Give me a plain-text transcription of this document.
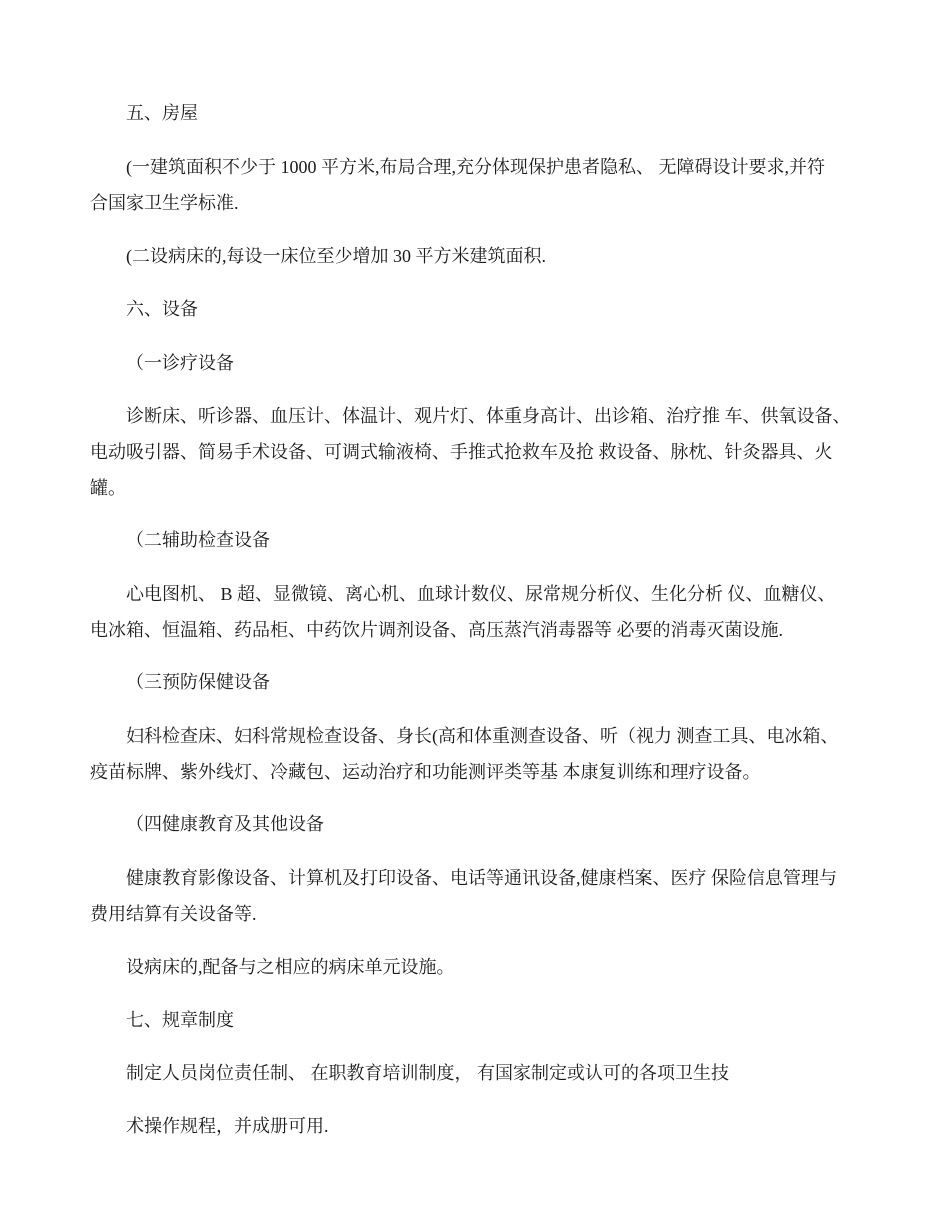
五、房屋
(一建筑面积不少于 1000 平方米,布局合理,充分体现保护患者隐私、 无障碍设计要求,并符
合国家卫生学标准.
(二设病床的,每设一床位至少增加 30 平方米建筑面积.
六、设备
（一诊疗设备
诊断床、听诊器、血压计、体温计、观片灯、体重身高计、出诊箱、治疗推 车、供氧设备、
电动吸引器、简易手术设备、可调式输液椅、手推式抢救车及抢 救设备、脉枕、针灸器具、火
罐。
（二辅助检查设备
心电图机、 B 超、显微镜、离心机、血球计数仪、尿常规分析仪、生化分析 仪、血糖仪、
电冰箱、恒温箱、药品柜、中药饮片调剂设备、高压蒸汽消毒器等 必要的消毒灭菌设施.
（三预防保健设备
妇科检查床、妇科常规检查设备、身长(高和体重测查设备、听（视力 测查工具、电冰箱、
疫苗标牌、紫外线灯、冷藏包、运动治疗和功能测评类等基 本康复训练和理疗设备。
（四健康教育及其他设备
健康教育影像设备、计算机及打印设备、电话等通讯设备,健康档案、医疗 保险信息管理与
费用结算有关设备等.
设病床的,配备与之相应的病床单元设施。
七、规章制度
制定人员岗位责任制、 在职教育培训制度， 有国家制定或认可的各项卫生技
术操作规程，并成册可用.
